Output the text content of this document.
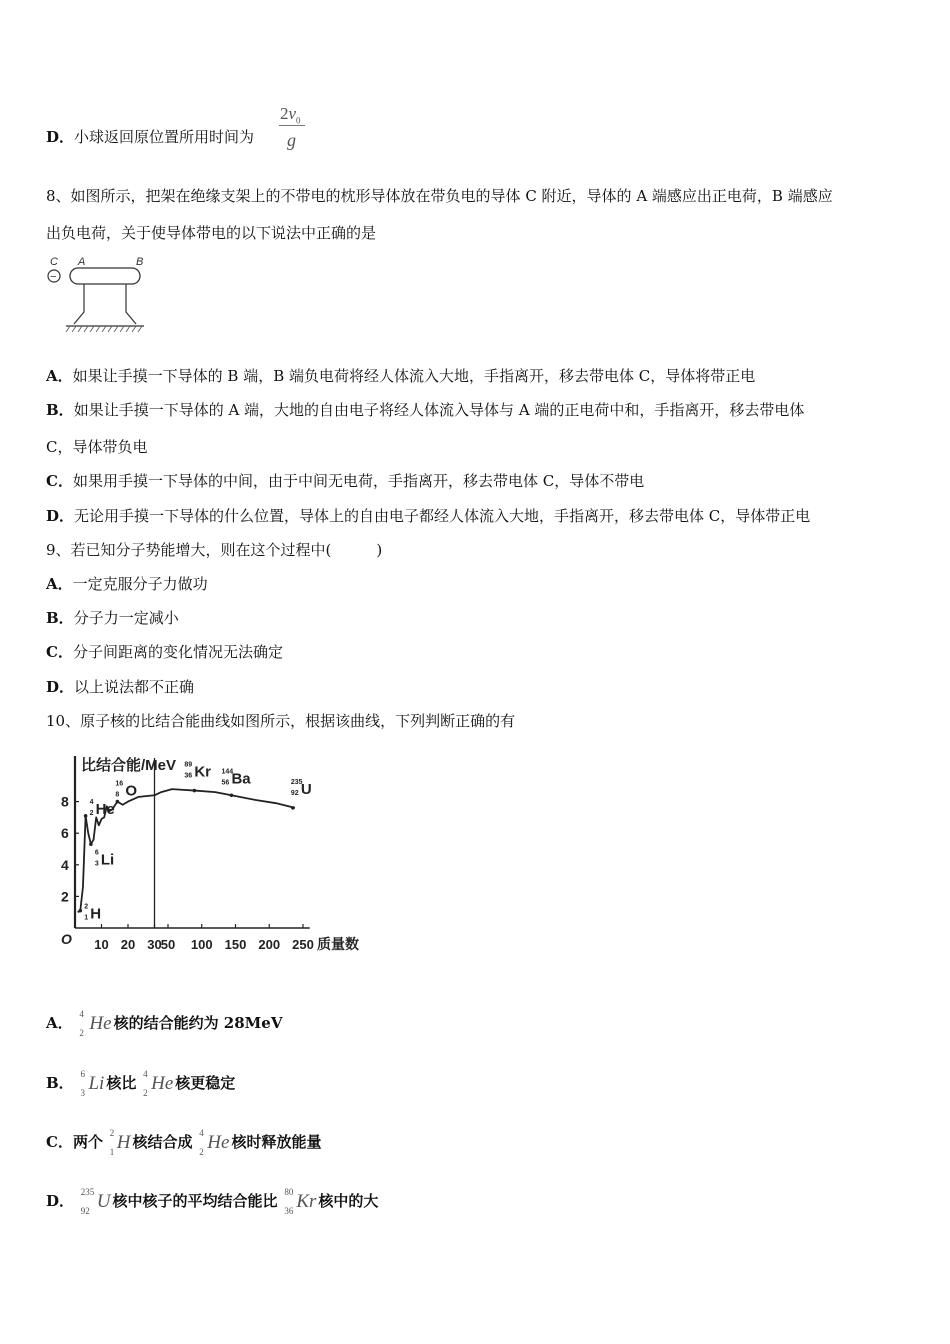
D．小球返回原位置所用时间为
$2v_0$
g
8、如图所示，把架在绝缘支架上的不带电的枕形导体放在带负电的导体 C 附近，导体的 A 端感应出正电荷，B 端感应
出负电荷，关于使导体带电的以下说法中正确的是
−
C A	B
A．如果让手摸一下导体的 B 端，B 端负电荷将经人体流入大地，手指离开，移去带电体 C，导体将带正电
B．如果让手摸一下导体的 A 端，大地的自由电子将经人体流入导体与 A 端的正电荷中和，手指离开，移去带电体
C，导体带负电
C．如果用手摸一下导体的中间，由于中间无电荷，手指离开，移去带电体 C，导体不带电
D．无论用手摸一下导体的什么位置，导体上的自由电子都经人体流入大地，手指离开，移去带电体 C，导体带正电
9、若已知分子势能增大，则在这个过程中(　　　)
A．一定克服分子力做功
B．分子力一定减小
C．分子间距离的变化情况无法确定
D．以上说法都不正确
10、原子核的比结合能曲线如图所示，根据该曲线，下列判断正确的有
比结合能/MeV
质量数
O
2
4
6
8
10 20 30 50 100 150 200 250
2
1 H
4
2 He
6
3 Li
16
8 O
89
36 Kr 144
56 Ba	235
92 U
A． 4
2 He 核的结合能约为 28MeV
B． 6
3 Li 核比 4
2 He 核更稳定
C．两个 2
1 H 核结合成 4
2 He 核时释放能量
D． 235
92 U 核中核子的平均结合能比 80
36 Kr 核中的大
